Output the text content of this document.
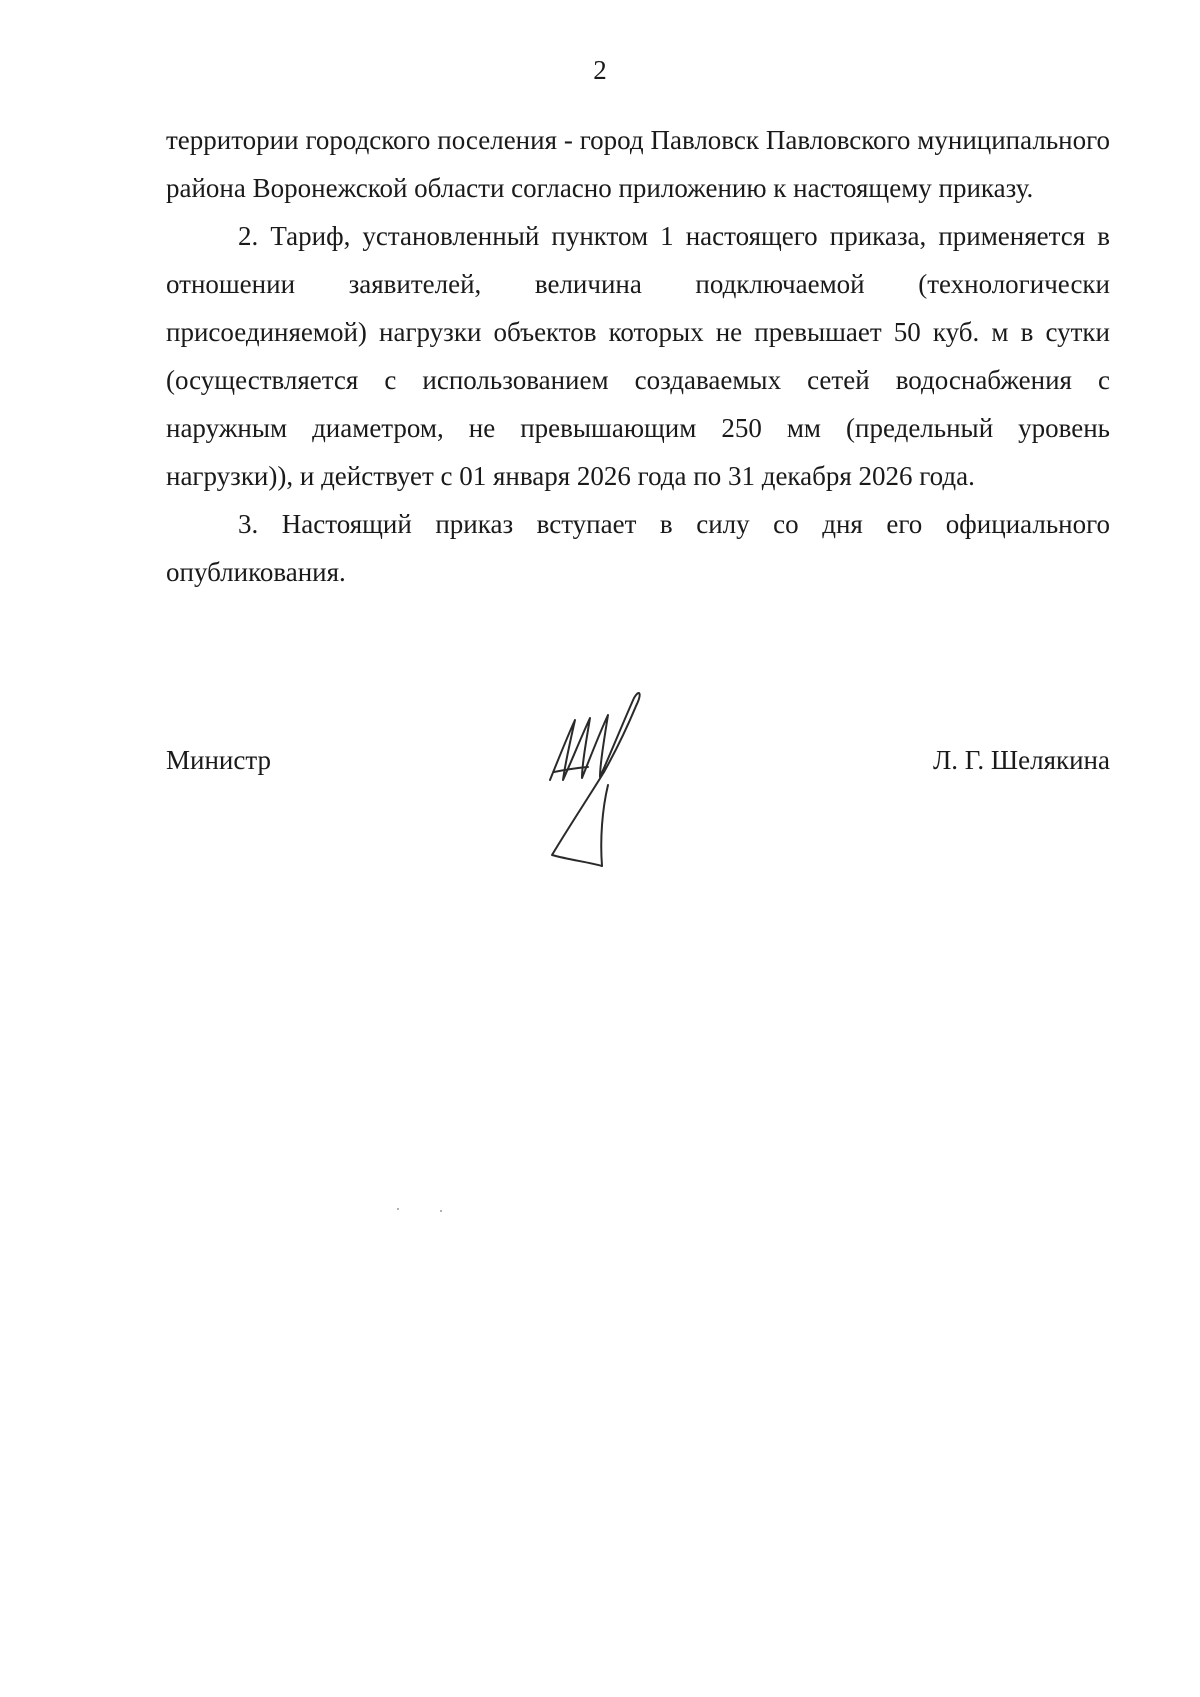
2

территории городского поселения - город Павловск Павловского муниципального района Воронежской области согласно приложению к настоящему приказу.

2. Тариф, установленный пунктом 1 настоящего приказа, применяется в отношении заявителей, величина подключаемой (технологически присоединяемой) нагрузки объектов которых не превышает 50 куб. м в сутки (осуществляется с использованием создаваемых сетей водоснабжения с наружным диаметром, не превышающим 250 мм (предельный уровень нагрузки)), и действует с 01 января 2026 года по 31 декабря 2026 года.

3. Настоящий приказ вступает в силу со дня его официального опубликования.

Министр	Л. Г. Шелякина
